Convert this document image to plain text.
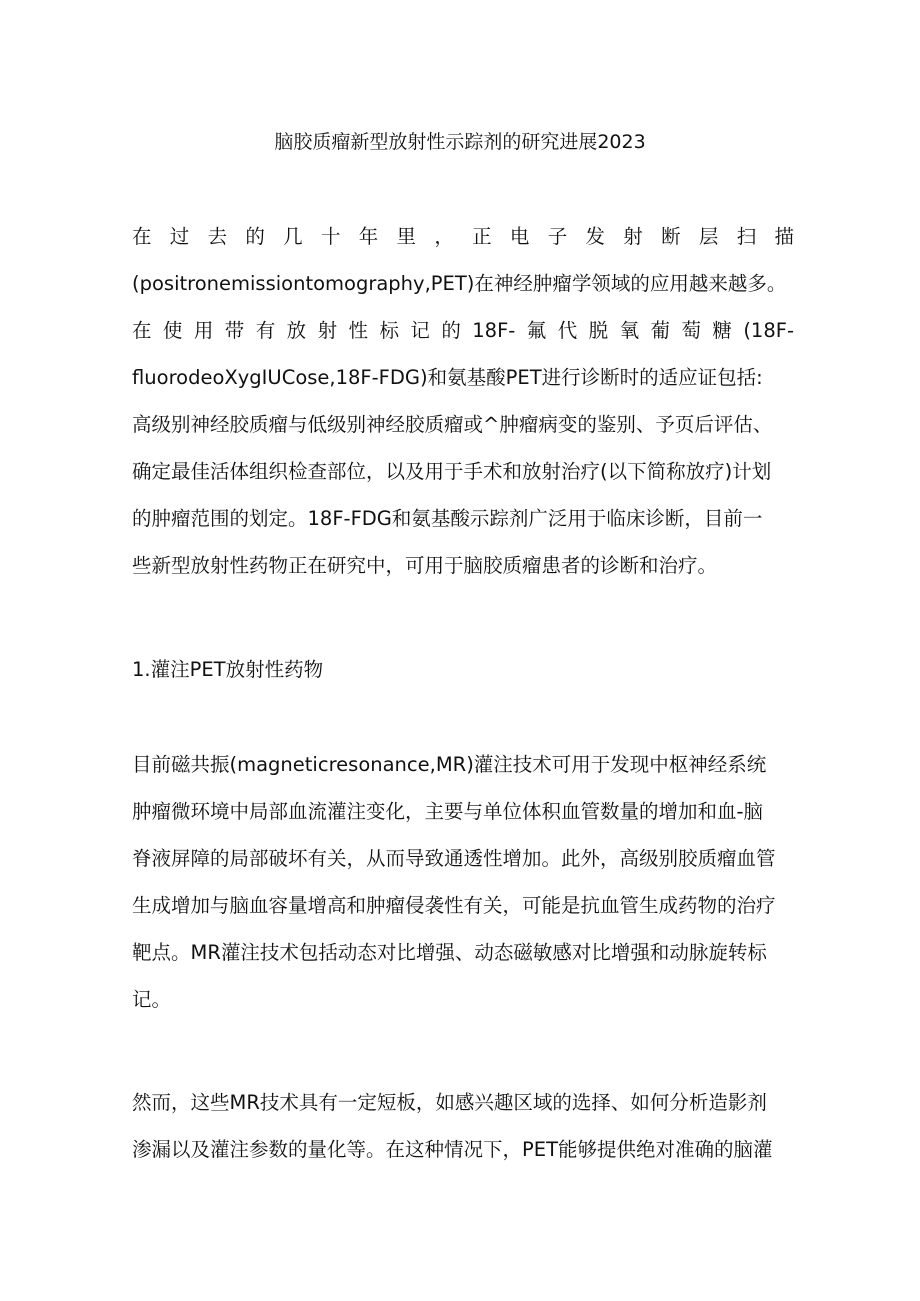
脑胶质瘤新型放射性示踪剂的研究进展2023
在过去的几十年里，正电子发射断层扫描
(positronemissiontomography,PET)在神经肿瘤学领域的应用越来越多。
在使用带有放射性标记的18F-氟代脱氧葡萄糖(18F-
fluorodeoXygIUCose,18F-FDG)和氨基酸PET进行诊断时的适应证包括:
高级别神经胶质瘤与低级别神经胶质瘤或^肿瘤病变的鉴别、予页后评估、
确定最佳活体组织检查部位，以及用于手术和放射治疗(以下简称放疗)计划
的肿瘤范围的划定。18F-FDG和氨基酸示踪剂广泛用于临床诊断，目前一
些新型放射性药物正在研究中，可用于脑胶质瘤患者的诊断和治疗。
1.灌注PET放射性药物
目前磁共振(magneticresonance,MR)灌注技术可用于发现中枢神经系统
肿瘤微环境中局部血流灌注变化，主要与单位体积血管数量的增加和血-脑
脊液屏障的局部破坏有关，从而导致通透性增加。此外，高级别胶质瘤血管
生成增加与脑血容量增高和肿瘤侵袭性有关，可能是抗血管生成药物的治疗
靶点。MR灌注技术包括动态对比增强、动态磁敏感对比增强和动脉旋转标
记。
然而，这些MR技术具有一定短板，如感兴趣区域的选择、如何分析造影剂
渗漏以及灌注参数的量化等。在这种情况下，PET能够提供绝对准确的脑灌
